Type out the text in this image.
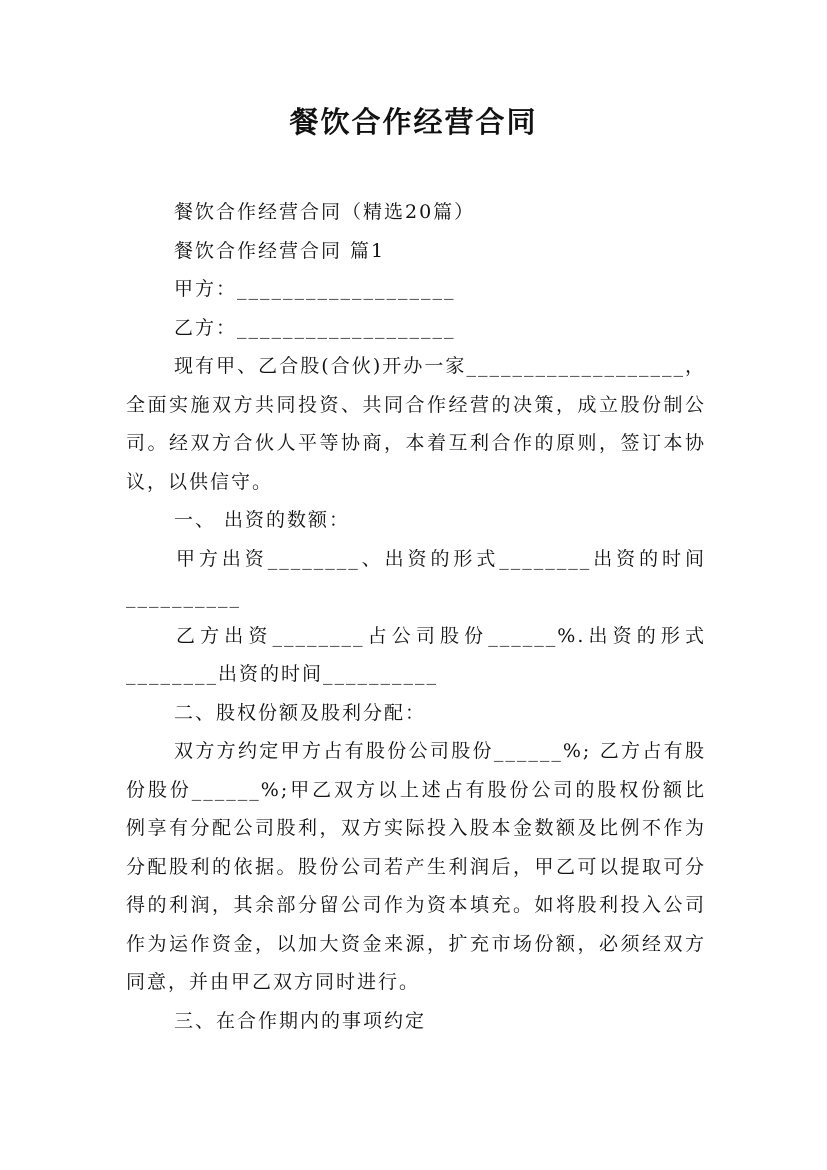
餐饮合作经营合同

餐饮合作经营合同（精选20篇）

餐饮合作经营合同 篇1

甲方：___________________

乙方：___________________

现有甲、乙合股(合伙)开办一家___________________，全面实施双方共同投资、共同合作经营的决策，成立股份制公司。经双方合伙人平等协商，本着互利合作的原则，签订本协议，以供信守。

一、 出资的数额：

甲方出资________、出资的形式________出资的时间__________

乙方出资________占公司股份______%.出资的形式________出资的时间__________

二、股权份额及股利分配：

双方方约定甲方占有股份公司股份______%; 乙方占有股份股份______%;甲乙双方以上述占有股份公司的股权份额比例享有分配公司股利，双方实际投入股本金数额及比例不作为分配股利的依据。股份公司若产生利润后，甲乙可以提取可分得的利润，其余部分留公司作为资本填充。如将股利投入公司作为运作资金，以加大资金来源，扩充市场份额，必须经双方同意，并由甲乙双方同时进行。

三、在合作期内的事项约定
